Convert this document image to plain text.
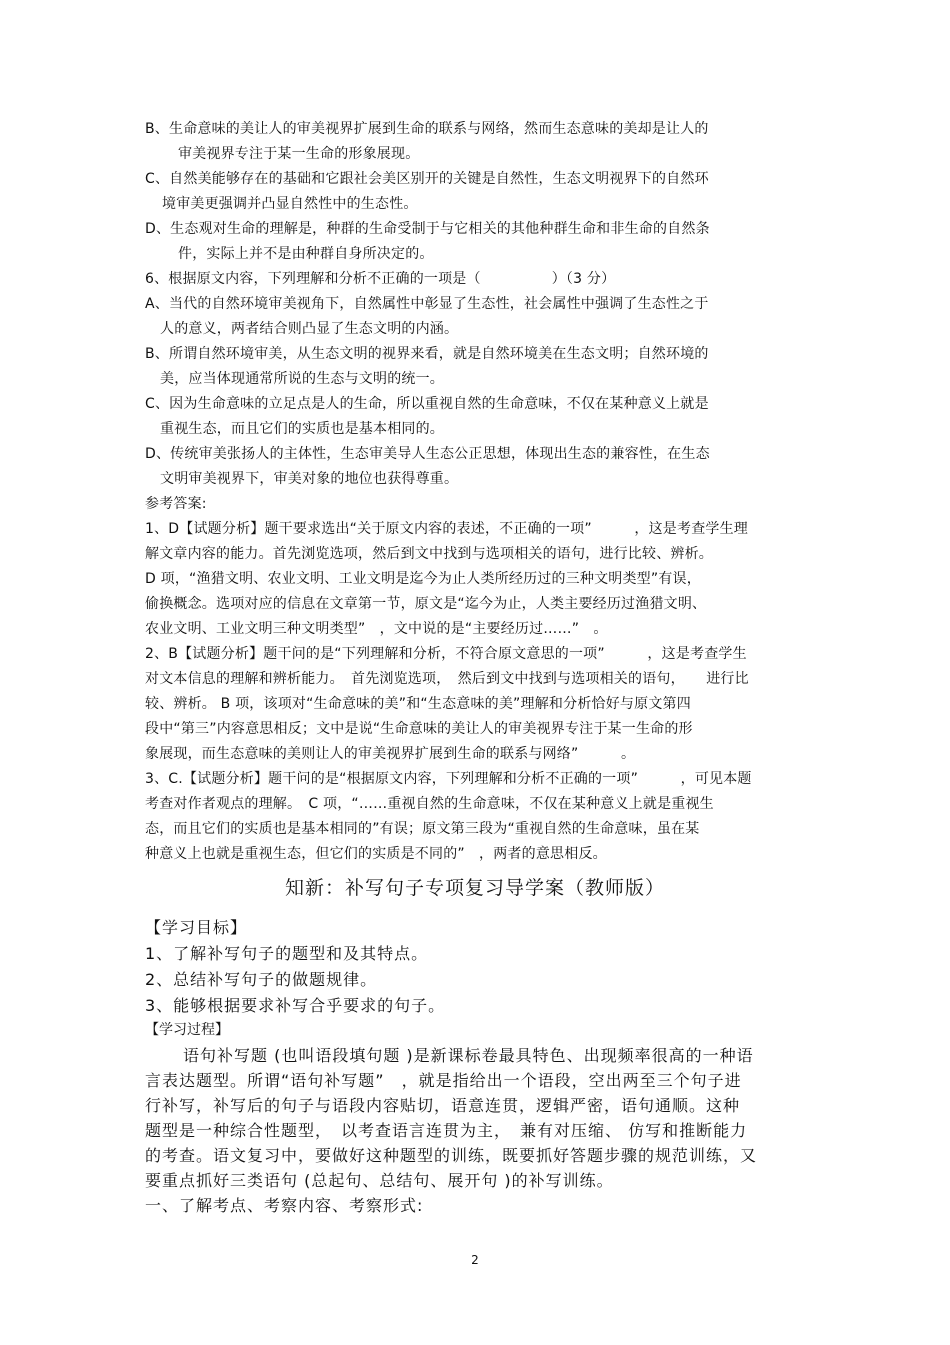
B、生命意味的美让人的审美视界扩展到生命的联系与网络，然而生态意味的美却是让人的
审美视界专注于某一生命的形象展现。
C、自然美能够存在的基础和它跟社会美区别开的关键是自然性，生态文明视界下的自然环
境审美更强调并凸显自然性中的生态性。
D、生态观对生命的理解是，种群的生命受制于与它相关的其他种群生命和非生命的自然条
件，实际上并不是由种群自身所决定的。
6、根据原文内容，下列理解和分析不正确的一项是（　　　　　）（3 分）
A、当代的自然环境审美视角下，自然属性中彰显了生态性，社会属性中强调了生态性之于
人的意义，两者结合则凸显了生态文明的内涵。
B、所谓自然环境审美，从生态文明的视界来看，就是自然环境美在生态文明；自然环境的
美，应当体现通常所说的生态与文明的统一。
C、因为生命意味的立足点是人的生命，所以重视自然的生命意味，不仅在某种意义上就是
重视生态，而且它们的实质也是基本相同的。
D、传统审美张扬人的主体性，生态审美导人生态公正思想，体现出生态的兼容性，在生态
文明审美视界下，审美对象的地位也获得尊重。
参考答案:
1、D【试题分析】题干要求选出“关于原文内容的表述，不正确的一项”　　　，这是考查学生理
解文章内容的能力。首先浏览选项，然后到文中找到与选项相关的语句，进行比较、辨析。
D 项，“渔猎文明、农业文明、工业文明是迄今为止人类所经历过的三种文明类型”有误，
偷换概念。选项对应的信息在文章第一节，原文是“迄今为止，人类主要经历过渔猎文明、
农业文明、工业文明三种文明类型”　，文中说的是“主要经历过……”　。
2、B【试题分析】题干问的是“下列理解和分析，不符合原文意思的一项”　　　，这是考查学生
对文本信息的理解和辨析能力。　首先浏览选项，　然后到文中找到与选项相关的语句，　　进行比
较、辨析。 B 项，该项对“生命意味的美”和“生态意味的美”理解和分析恰好与原文第四
段中“第三”内容意思相反；文中是说“生命意味的美让人的审美视界专注于某一生命的形
象展现，而生态意味的美则让人的审美视界扩展到生命的联系与网络”　　　。
3、C.【试题分析】题干问的是“根据原文内容，下列理解和分析不正确的一项”　　　，可见本题
考查对作者观点的理解。　C 项，“……重视自然的生命意味，不仅在某种意义上就是重视生
态，而且它们的实质也是基本相同的”有误；原文第三段为“重视自然的生命意味，虽在某
种意义上也就是重视生态，但它们的实质是不同的”　，两者的意思相反。
知新：补写句子专项复习导学案（教师版）
【学习目标】
1、了解补写句子的题型和及其特点。
2、总结补写句子的做题规律。
3、能够根据要求补写合乎要求的句子。
【学习过程】
语句补写题 (也叫语段填句题 )是新课标卷最具特色、出现频率很高的一种语
言表达题型。所谓“语句补写题”　，就是指给出一个语段，空出两至三个句子进
行补写，补写后的句子与语段内容贴切，语意连贯，逻辑严密，语句通顺。这种
题型是一种综合性题型，　以考查语言连贯为主，　兼有对压缩、 仿写和推断能力
的考查。语文复习中，要做好这种题型的训练，既要抓好答题步骤的规范训练，又
要重点抓好三类语句 (总起句、总结句、展开句 )的补写训练。
一、了解考点、考察内容、考察形式:
2
